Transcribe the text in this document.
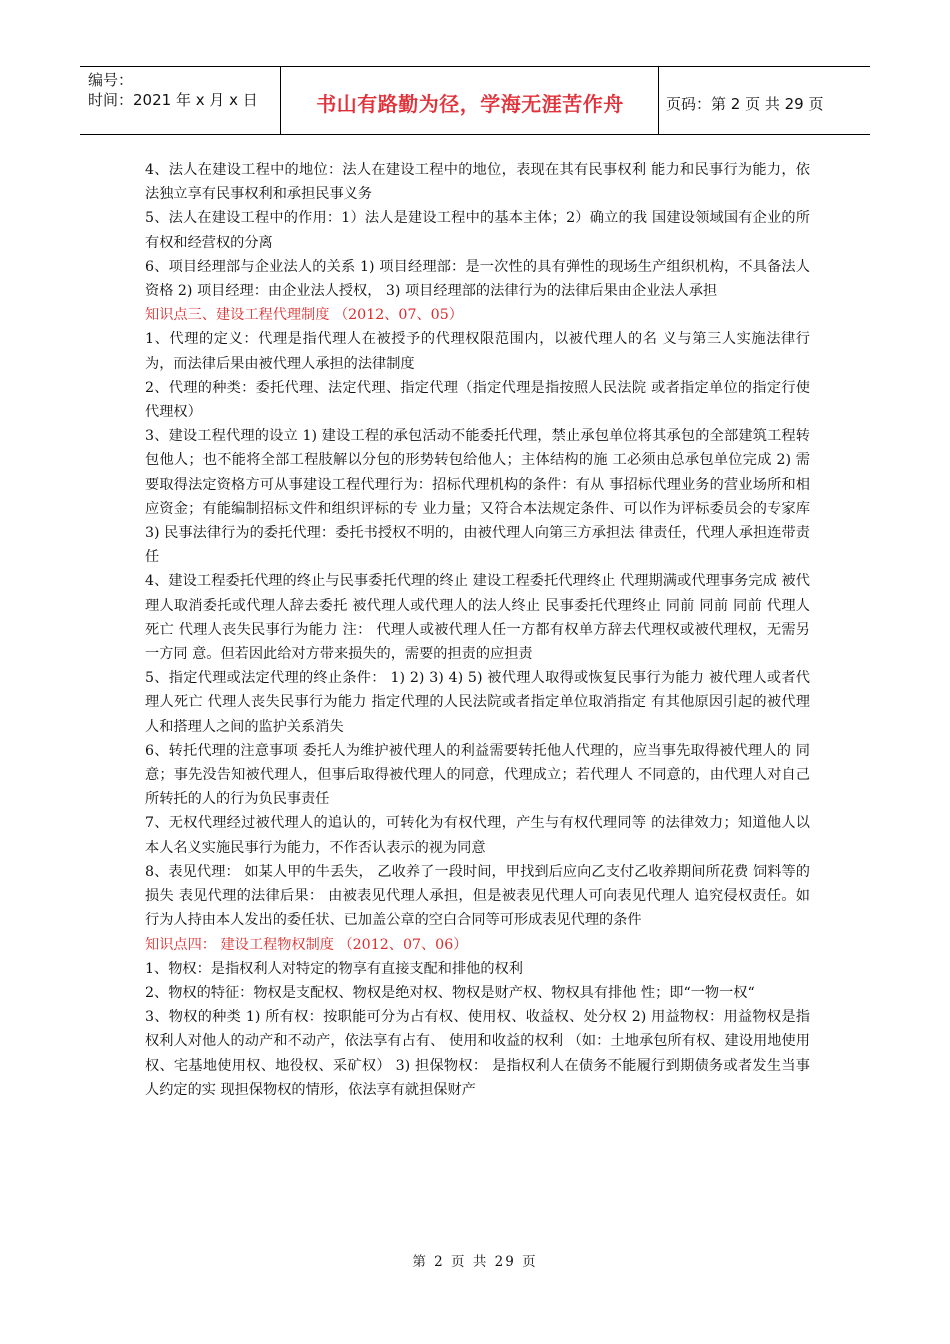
编号：
时间：2021 年 x 月 x 日	书山有路勤为径，学海无涯苦作舟	页码：第 2 页 共 29 页

4、法人在建设工程中的地位：法人在建设工程中的地位，表现在其有民事权利 能力和民事行为能力，依法独立享有民事权利和承担民事义务

5、法人在建设工程中的作用：1）法人是建设工程中的基本主体；2）确立的我 国建设领域国有企业的所有权和经营权的分离

6、项目经理部与企业法人的关系 1) 项目经理部：是一次性的具有弹性的现场生产组织机构，不具备法人资格 2) 项目经理：由企业法人授权， 3) 项目经理部的法律行为的法律后果由企业法人承担

知识点三、建设工程代理制度 （2012、07、05）

1、代理的定义：代理是指代理人在被授予的代理权限范围内，以被代理人的名 义与第三人实施法律行为，而法律后果由被代理人承担的法律制度

2、代理的种类：委托代理、法定代理、指定代理（指定代理是指按照人民法院 或者指定单位的指定行使代理权）

3、建设工程代理的设立 1) 建设工程的承包活动不能委托代理，禁止承包单位将其承包的全部建筑工程转包他人；也不能将全部工程肢解以分包的形势转包给他人；主体结构的施 工必须由总承包单位完成 2) 需要取得法定资格方可从事建设工程代理行为：招标代理机构的条件：有从 事招标代理业务的营业场所和相应资金；有能编制招标文件和组织评标的专 业力量；又符合本法规定条件、可以作为评标委员会的专家库 3) 民事法律行为的委托代理：委托书授权不明的，由被代理人向第三方承担法 律责任，代理人承担连带责任

4、建设工程委托代理的终止与民事委托代理的终止 建设工程委托代理终止 代理期满或代理事务完成 被代理人取消委托或代理人辞去委托 被代理人或代理人的法人终止 民事委托代理终止 同前 同前 同前 代理人死亡 代理人丧失民事行为能力 注： 代理人或被代理人任一方都有权单方辞去代理权或被代理权，无需另一方同 意。但若因此给对方带来损失的，需要的担责的应担责

5、指定代理或法定代理的终止条件： 1) 2) 3) 4) 5) 被代理人取得或恢复民事行为能力 被代理人或者代理人死亡 代理人丧失民事行为能力 指定代理的人民法院或者指定单位取消指定 有其他原因引起的被代理人和搭理人之间的监护关系消失

6、转托代理的注意事项 委托人为维护被代理人的利益需要转托他人代理的，应当事先取得被代理人的 同意；事先没告知被代理人，但事后取得被代理人的同意，代理成立；若代理人 不同意的，由代理人对自己所转托的人的行为负民事责任

7、无权代理经过被代理人的追认的，可转化为有权代理，产生与有权代理同等 的法律效力；知道他人以本人名义实施民事行为能力，不作否认表示的视为同意

8、表见代理： 如某人甲的牛丢失， 乙收养了一段时间，甲找到后应向乙支付乙收养期间所花费 饲料等的损失 表见代理的法律后果： 由被表见代理人承担，但是被表见代理人可向表见代理人 追究侵权责任。如行为人持由本人发出的委任状、已加盖公章的空白合同等可形成表见代理的条件

知识点四： 建设工程物权制度 （2012、07、06）

1、物权：是指权利人对特定的物享有直接支配和排他的权利

2、物权的特征：物权是支配权、物权是绝对权、物权是财产权、物权具有排他 性；即“一物一权“

3、物权的种类 1) 所有权：按职能可分为占有权、使用权、收益权、处分权 2) 用益物权：用益物权是指权利人对他人的动产和不动产，依法享有占有、 使用和收益的权利 （如：土地承包所有权、建设用地使用权、宅基地使用权、地役权、采矿权） 3) 担保物权： 是指权利人在债务不能履行到期债务或者发生当事人约定的实 现担保物权的情形，依法享有就担保财产

第 2 页 共 29 页
